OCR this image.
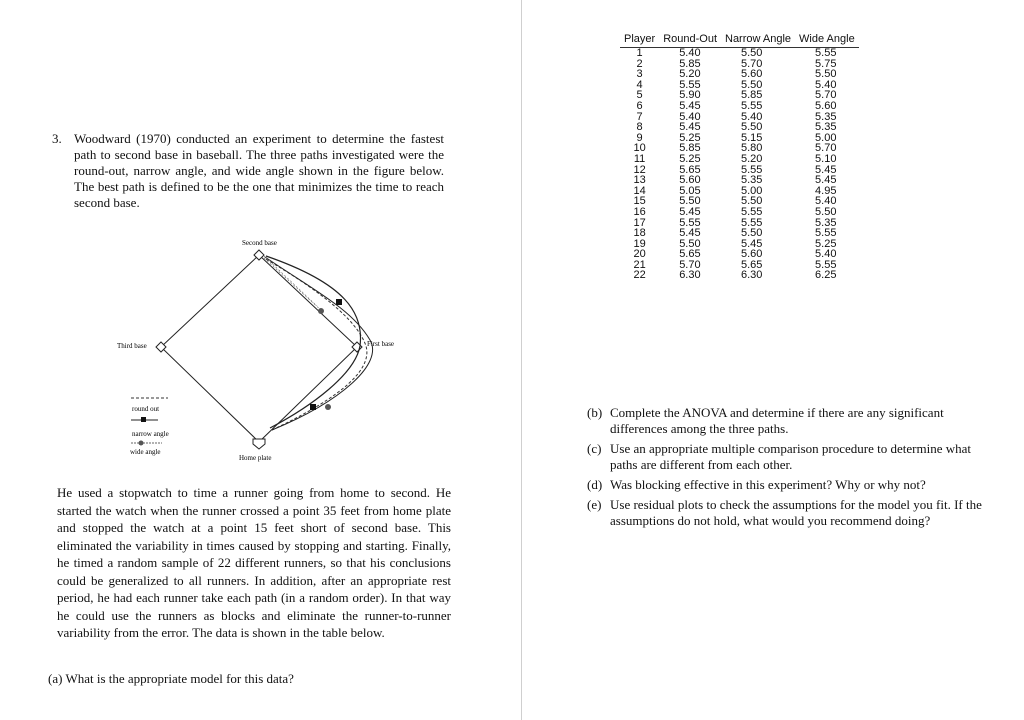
3. Woodward (1970) conducted an experiment to determine the fastest path to second base in baseball. The three paths investigated were the round-out, narrow angle, and wide angle shown in the figure below. The best path is defined to be the one that minimizes the time to reach second base.
Second base
First base
Third base
Home plate
round out
narrow angle
wide angle
He used a stopwatch to time a runner going from home to second. He started the watch when the runner crossed a point 35 feet from home plate and stopped the watch at a point 15 feet short of second base. This eliminated the variability in times caused by stopping and starting. Finally, he timed a random sample of 22 different runners, so that his conclusions could be generalized to all runners. In addition, after an appropriate rest period, he had each runner take each path (in a random order). In that way he could use the runners as blocks and eliminate the runner-to-runner variability from the error. The data is shown in the table below.
(a) What is the appropriate model for this data?
Player	Round-Out	Narrow Angle	Wide Angle
1	5.40	5.50	5.55
2	5.85	5.70	5.75
3	5.20	5.60	5.50
4	5.55	5.50	5.40
5	5.90	5.85	5.70
6	5.45	5.55	5.60
7	5.40	5.40	5.35
8	5.45	5.50	5.35
9	5.25	5.15	5.00
10	5.85	5.80	5.70
11	5.25	5.20	5.10
12	5.65	5.55	5.45
13	5.60	5.35	5.45
14	5.05	5.00	4.95
15	5.50	5.50	5.40
16	5.45	5.55	5.50
17	5.55	5.55	5.35
18	5.45	5.50	5.55
19	5.50	5.45	5.25
20	5.65	5.60	5.40
21	5.70	5.65	5.55
22	6.30	6.30	6.25
(b) Complete the ANOVA and determine if there are any significant differences among the three paths.
(c) Use an appropriate multiple comparison procedure to determine what paths are different from each other.
(d) Was blocking effective in this experiment? Why or why not?
(e) Use residual plots to check the assumptions for the model you fit. If the assumptions do not hold, what would you recommend doing?
